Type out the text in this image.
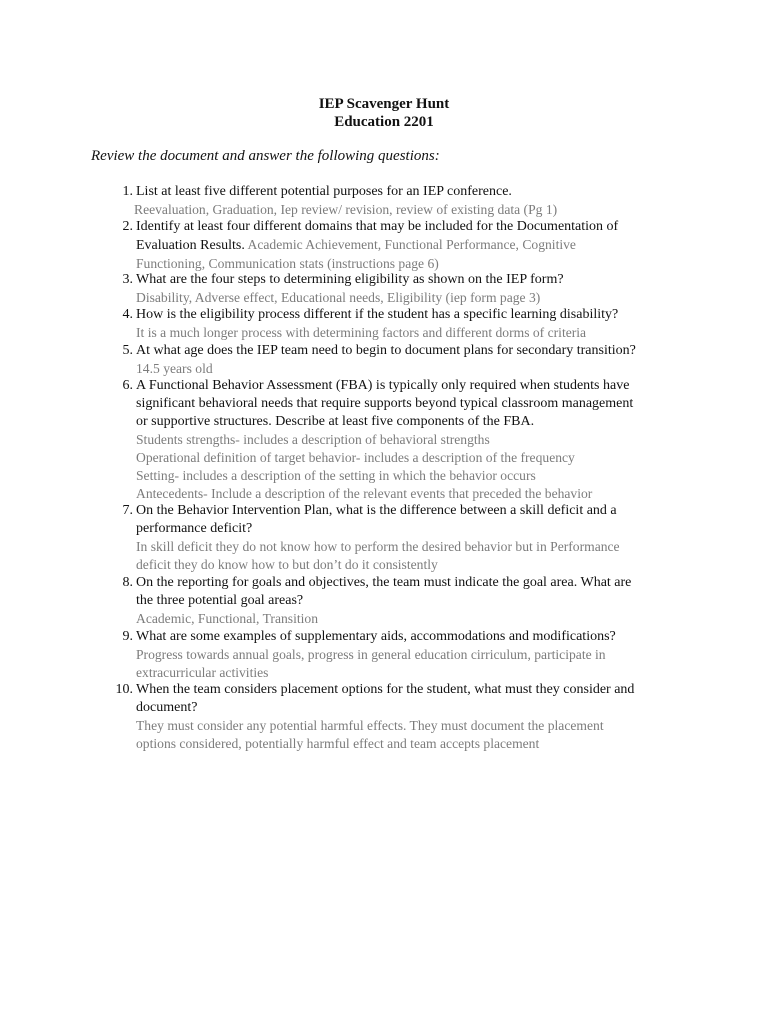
IEP Scavenger Hunt
Education 2201
Review the document and answer the following questions:
1. List at least five different potential purposes for an IEP conference.
Reevaluation, Graduation, Iep review/ revision, review of existing data (Pg 1)
2. Identify at least four different domains that may be included for the Documentation of
Evaluation Results. Academic Achievement, Functional Performance, Cognitive
Functioning, Communication stats (instructions page 6)
3. What are the four steps to determining eligibility as shown on the IEP form?
Disability, Adverse effect, Educational needs, Eligibility (iep form page 3)
4. How is the eligibility process different if the student has a specific learning disability?
It is a much longer process with determining factors and different dorms of criteria
5. At what age does the IEP team need to begin to document plans for secondary transition?
14.5 years old
6. A Functional Behavior Assessment (FBA) is typically only required when students have
significant behavioral needs that require supports beyond typical classroom management
or supportive structures. Describe at least five components of the FBA.
Students strengths- includes a description of behavioral strengths
Operational definition of target behavior- includes a description of the frequency
Setting- includes a description of the setting in which the behavior occurs
Antecedents- Include a description of the relevant events that preceded the behavior
7. On the Behavior Intervention Plan, what is the difference between a skill deficit and a
performance deficit?
In skill deficit they do not know how to perform the desired behavior but in Performance
deficit they do know how to but don’t do it consistently
8. On the reporting for goals and objectives, the team must indicate the goal area. What are
the three potential goal areas?
Academic, Functional, Transition
9. What are some examples of supplementary aids, accommodations and modifications?
Progress towards annual goals, progress in general education cirriculum, participate in
extracurricular activities
10. When the team considers placement options for the student, what must they consider and
document?
They must consider any potential harmful effects. They must document the placement
options considered, potentially harmful effect and team accepts placement
